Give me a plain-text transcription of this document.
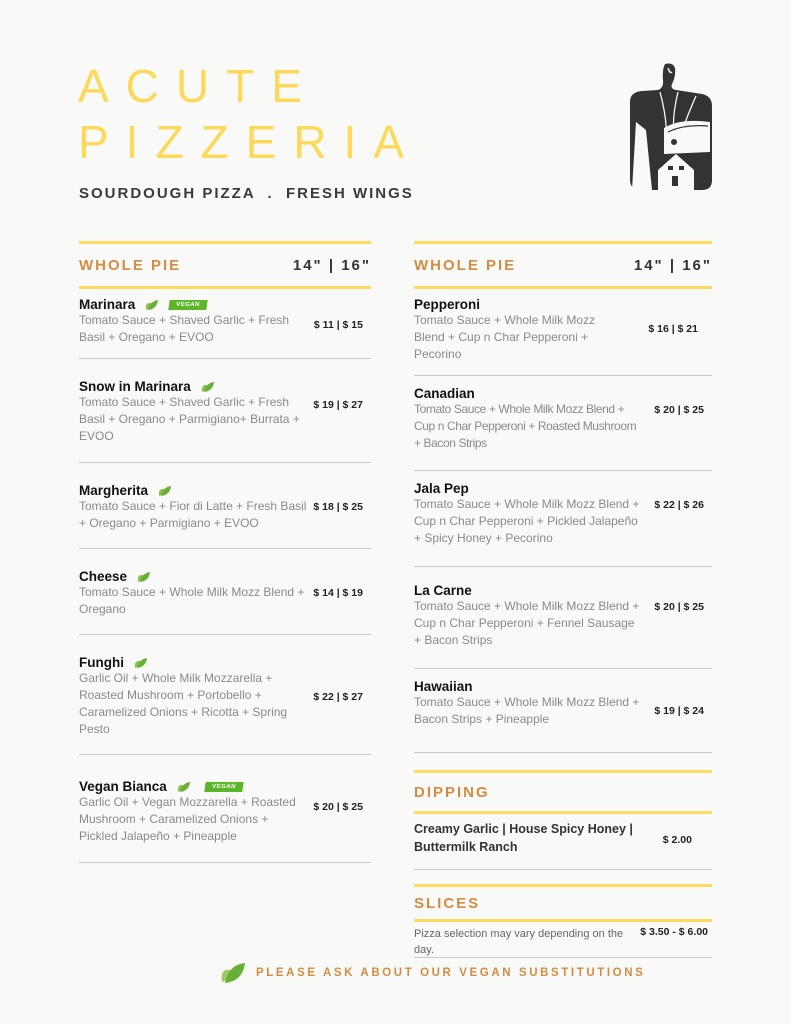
ACUTE
PIZZERIA

SOURDOUGH PIZZA  .  FRESH WINGS

WHOLE PIE	14" | 16"
Marinara	VEGAN
Tomato Sauce + Shaved Garlic + Fresh Basil + Oregano + EVOO
$ 11 | $ 15
Snow in Marinara
Tomato Sauce + Shaved Garlic + Fresh Basil + Oregano + Parmigiano+ Burrata + EVOO
$ 19 | $ 27
Margherita
Tomato Sauce + Fior di Latte + Fresh Basil + Oregano + Parmigiano + EVOO
$ 18 | $ 25
Cheese
Tomato Sauce + Whole Milk Mozz Blend + Oregano
$ 14 | $ 19
Funghi
Garlic Oil + Whole Milk Mozzarella + Roasted Mushroom + Portobello + Caramelized Onions + Ricotta + Spring Pesto
$ 22 | $ 27
Vegan Bianca	VEGAN
Garlic Oil + Vegan Mozzarella + Roasted Mushroom + Caramelized Onions + Pickled Jalapeño + Pineapple
$ 20 | $ 25
WHOLE PIE	14" | 16"
Pepperoni
Tomato Sauce + Whole Milk Mozz Blend + Cup n Char Pepperoni + Pecorino
$ 16 | $ 21
Canadian
Tomato Sauce + Whole Milk Mozz Blend + Cup n Char Pepperoni + Roasted Mushroom + Bacon Strips
$ 20 | $ 25
Jala Pep
Tomato Sauce + Whole Milk Mozz Blend + Cup n Char Pepperoni + Pickled Jalapeño + Spicy Honey + Pecorino
$ 22 | $ 26
La Carne
Tomato Sauce + Whole Milk Mozz Blend + Cup n Char Pepperoni + Fennel Sausage + Bacon Strips
$ 20 | $ 25
Hawaiian
Tomato Sauce + Whole Milk Mozz Blend + Bacon Strips + Pineapple
$ 19 | $ 24
DIPPING
Creamy Garlic | House Spicy Honey | Buttermilk Ranch	$ 2.00
SLICES
Pizza selection may vary depending on the day.
$ 3.50 - $ 6.00
PLEASE ASK ABOUT OUR VEGAN SUBSTITUTIONS
